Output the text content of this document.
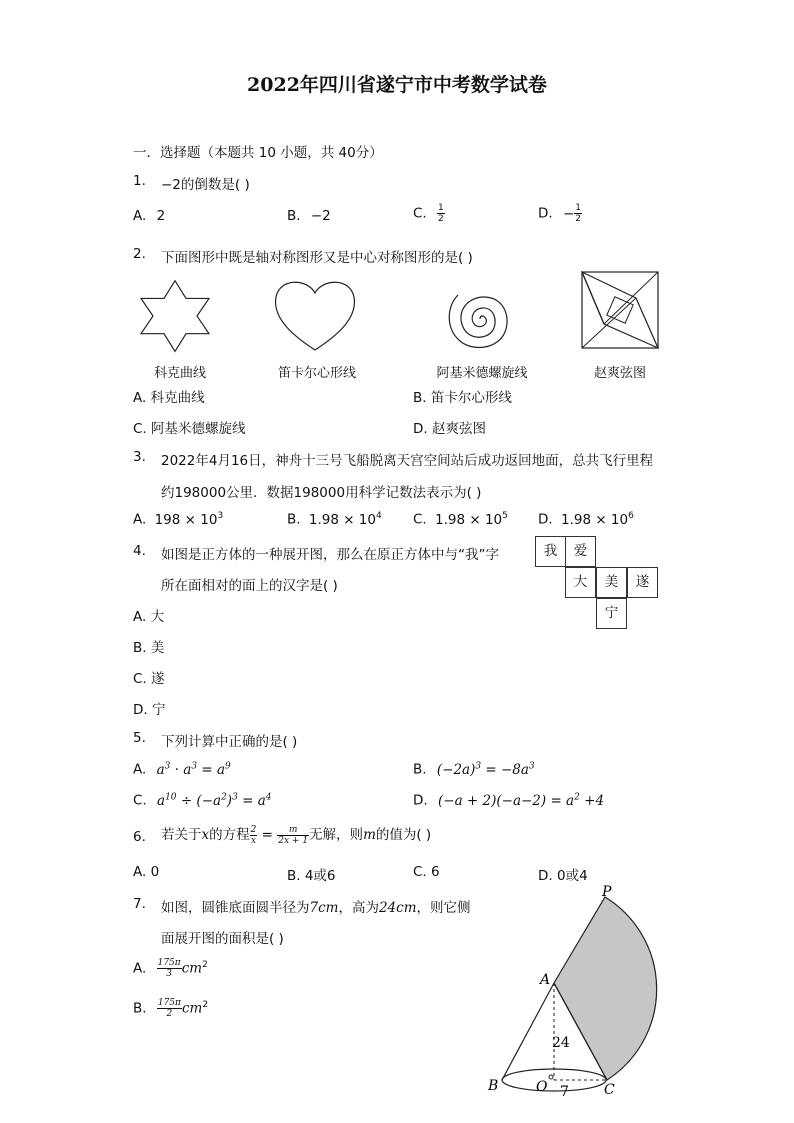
2022年四川省遂宁市中考数学试卷
一．选择题（本题共 10 小题，共 40分）
1. −2的倒数是( )
A. 2	B. −2	C. $\frac{1}{2}$	D. − $\frac{1}{2}$
2. 下面图形中既是轴对称图形又是中心对称图形的是( )
科克曲线	笛卡尔心形线	阿基米德螺旋线	赵爽弦图
A. 科克曲线	B. 笛卡尔心形线
C. 阿基米德螺旋线	D. 赵爽弦图
3. 2022年4月16日，神舟十三号飞船脱离天宫空间站后成功返回地面，总共飞行里程
约198000公里．数据198000用科学记数法表示为( )
A. $198 \times 10^3$	B. $1.98 \times 10^4$ C. $1.98 \times 10^5$ D. $1.98 \times 10^6$
4. 如图是正方体的一种展开图，那么在原正方体中与“我”字
所在面相对的面上的汉字是( )
我	爱
大	美	遂
宁
A. 大
B. 美
C. 遂
D. 宁
5. 下列计算中正确的是( )
A. $a^3 \cdot a^3 = a^9$	B. $(-2a)^3 = -8a^3$
C. $a^{10} \div (-a^2)^3 = a^4$	D. $(-a + 2)(-a-2) = a^2 +4$
6. 若关于x的方程 $\frac{2}{x} = \frac{m}{2x + 1}$ 无解，则m的值为( )
A. 0	B. 4或6	C. 6	D. 0或4
7. 如图，圆锥底面圆半径为7cm，高为24cm，则它侧
面展开图的面积是( )
A. $\frac{175\pi}{3} cm^2$
B. $\frac{175\pi}{2} cm^2$
P
A
B	O	C
24
7
